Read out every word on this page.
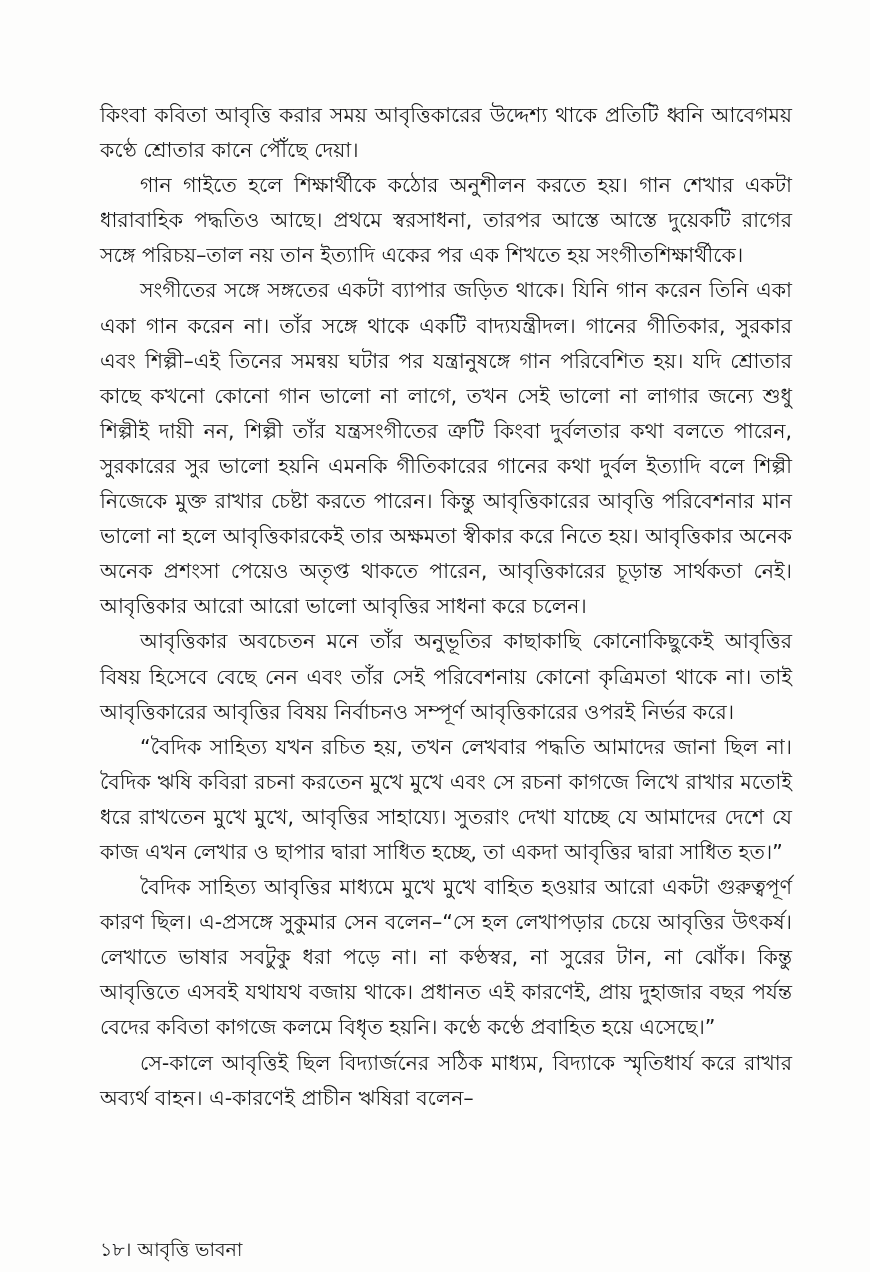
কিংবা কবিতা আবৃত্তি করার সময় আবৃত্তিকারের উদ্দেশ্য থাকে প্রতিটি ধ্বনি আবেগময় কণ্ঠে শ্রোতার কানে পৌঁছে দেয়া।

গান গাইতে হলে শিক্ষার্থীকে কঠোর অনুশীলন করতে হয়। গান শেখার একটা ধারাবাহিক পদ্ধতিও আছে। প্রথমে স্বরসাধনা, তারপর আস্তে আস্তে দুয়েকটি রাগের সঙ্গে পরিচয়–তাল নয় তান ইত্যাদি একের পর এক শিখতে হয় সংগীতশিক্ষার্থীকে।

সংগীতের সঙ্গে সঙ্গতের একটা ব্যাপার জড়িত থাকে। যিনি গান করেন তিনি একা একা গান করেন না। তাঁর সঙ্গে থাকে একটি বাদ্যযন্ত্রীদল। গানের গীতিকার, সুরকার এবং শিল্পী–এই তিনের সমন্বয় ঘটার পর যন্ত্রানুষঙ্গে গান পরিবেশিত হয়। যদি শ্রোতার কাছে কখনো কোনো গান ভালো না লাগে, তখন সেই ভালো না লাগার জন্যে শুধু শিল্পীই দায়ী নন, শিল্পী তাঁর যন্ত্রসংগীতের ত্রুটি কিংবা দুর্বলতার কথা বলতে পারেন, সুরকারের সুর ভালো হয়নি এমনকি গীতিকারের গানের কথা দুর্বল ইত্যাদি বলে শিল্পী নিজেকে মুক্ত রাখার চেষ্টা করতে পারেন। কিন্তু আবৃত্তিকারের আবৃত্তি পরিবেশনার মান ভালো না হলে আবৃত্তিকারকেই তার অক্ষমতা স্বীকার করে নিতে হয়। আবৃত্তিকার অনেক অনেক প্রশংসা পেয়েও অতৃপ্ত থাকতে পারেন, আবৃত্তিকারের চূড়ান্ত সার্থকতা নেই। আবৃত্তিকার আরো আরো ভালো আবৃত্তির সাধনা করে চলেন।

আবৃত্তিকার অবচেতন মনে তাঁর অনুভূতির কাছাকাছি কোনোকিছুকেই আবৃত্তির বিষয় হিসেবে বেছে নেন এবং তাঁর সেই পরিবেশনায় কোনো কৃত্রিমতা থাকে না। তাই আবৃত্তিকারের আবৃত্তির বিষয় নির্বাচনও সম্পূর্ণ আবৃত্তিকারের ওপরই নির্ভর করে।

“বৈদিক সাহিত্য যখন রচিত হয়, তখন লেখবার পদ্ধতি আমাদের জানা ছিল না। বৈদিক ঋষি কবিরা রচনা করতেন মুখে মুখে এবং সে রচনা কাগজে লিখে রাখার মতোই ধরে রাখতেন মুখে মুখে, আবৃত্তির সাহায্যে। সুতরাং দেখা যাচ্ছে যে আমাদের দেশে যে কাজ এখন লেখার ও ছাপার দ্বারা সাধিত হচ্ছে, তা একদা আবৃত্তির দ্বারা সাধিত হত।”

বৈদিক সাহিত্য আবৃত্তির মাধ্যমে মুখে মুখে বাহিত হওয়ার আরো একটা গুরুত্বপূর্ণ কারণ ছিল। এ-প্রসঙ্গে সুকুমার সেন বলেন–“সে হল লেখাপড়ার চেয়ে আবৃত্তির উৎকর্ষ। লেখাতে ভাষার সবটুকু ধরা পড়ে না। না কণ্ঠস্বর, না সুরের টান, না ঝোঁক। কিন্তু আবৃত্তিতে এসবই যথাযথ বজায় থাকে। প্রধানত এই কারণেই, প্রায় দুহাজার বছর পর্যন্ত বেদের কবিতা কাগজে কলমে বিধৃত হয়নি। কণ্ঠে কণ্ঠে প্রবাহিত হয়ে এসেছে।”

সে-কালে আবৃত্তিই ছিল বিদ্যার্জনের সঠিক মাধ্যম, বিদ্যাকে স্মৃতিধার্য করে রাখার অব্যর্থ বাহন। এ-কারণেই প্রাচীন ঋষিরা বলেন–

১৮। আবৃত্তি ভাবনা
